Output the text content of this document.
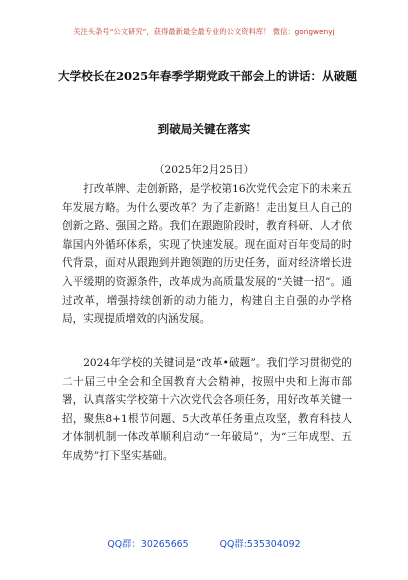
关注头条号“公文研究”，获得最新最全最专业的公文资料库！ 微信：gongwenyj
大学校长在2025年春季学期党政干部会上的讲话：从破题
到破局关键在落实
（2025年2月25日）

打改革牌、走创新路，是学校第16次党代会定下的未来五年发展方略。为什么要改革？为了走新路！走出复旦人自己的创新之路、强国之路。我们在跟跑阶段时，教育科研、人才依靠国内外循环体系，实现了快速发展。现在面对百年变局的时代背景，面对从跟跑到并跑领跑的历史任务，面对经济增长进入平缓期的资源条件，改革成为高质量发展的“关键一招”。通过改革，增强持续创新的动力能力，构建自主自强的办学格局，实现提质增效的内涵发展。

2024年学校的关键词是“改革•破题”。我们学习贯彻党的二十届三中全会和全国教育大会精神，按照中央和上海市部署，认真落实学校第十六次党代会各项任务，用好改革关键一招，聚焦8+1根节问题、5大改革任务重点攻坚，教育科技人才体制机制一体改革顺利启动“一年破局”，为“三年成型、五年成势”打下坚实基础。

QQ群：30265665	QQ群:535304092
